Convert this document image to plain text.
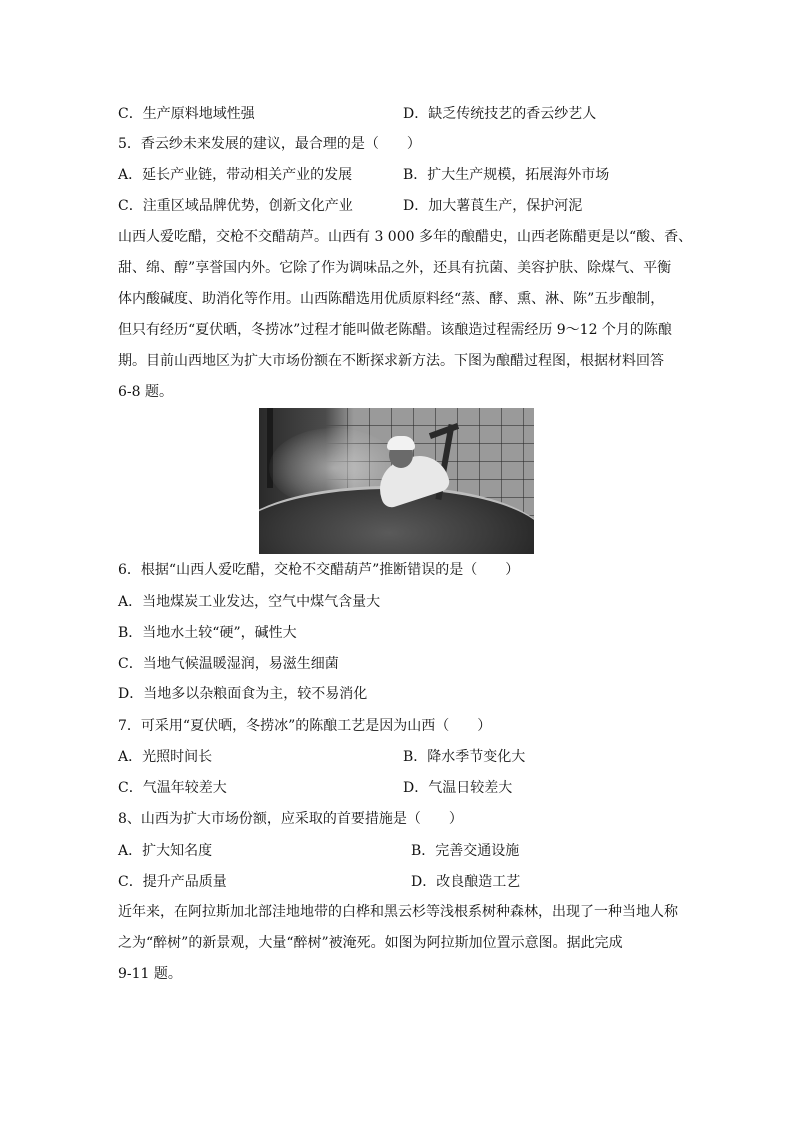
C．生产原料地域性强	D．缺乏传统技艺的香云纱艺人
5．香云纱未来发展的建议，最合理的是（　　）
A．延长产业链，带动相关产业的发展	B．扩大生产规模，拓展海外市场
C．注重区域品牌优势，创新文化产业	D．加大薯莨生产，保护河泥
山西人爱吃醋，交枪不交醋葫芦。山西有 3 000 多年的酿醋史，山西老陈醋更是以“酸、香、
甜、绵、醇”享誉国内外。它除了作为调味品之外，还具有抗菌、美容护肤、除煤气、平衡
体内酸碱度、助消化等作用。山西陈醋选用优质原料经“蒸、酵、熏、淋、陈”五步酿制，
但只有经历“夏伏晒，冬捞冰”过程才能叫做老陈醋。该酿造过程需经历 9～12 个月的陈酿
期。目前山西地区为扩大市场份额在不断探求新方法。下图为酿醋过程图，根据材料回答
6-8 题。
6．根据“山西人爱吃醋，交枪不交醋葫芦”推断错误的是（　　）
A．当地煤炭工业发达，空气中煤气含量大
B．当地水土较“硬”，碱性大
C．当地气候温暖湿润，易滋生细菌
D．当地多以杂粮面食为主，较不易消化
7．可采用“夏伏晒，冬捞冰”的陈酿工艺是因为山西（　　）
A．光照时间长	B．降水季节变化大
C．气温年较差大	D．气温日较差大
8、山西为扩大市场份额，应采取的首要措施是（　　）
A．扩大知名度	B．完善交通设施
C．提升产品质量	D．改良酿造工艺
近年来，在阿拉斯加北部洼地地带的白桦和黑云杉等浅根系树种森林，出现了一种当地人称
之为“醉树”的新景观，大量“醉树”被淹死。如图为阿拉斯加位置示意图。据此完成
9-11 题。
